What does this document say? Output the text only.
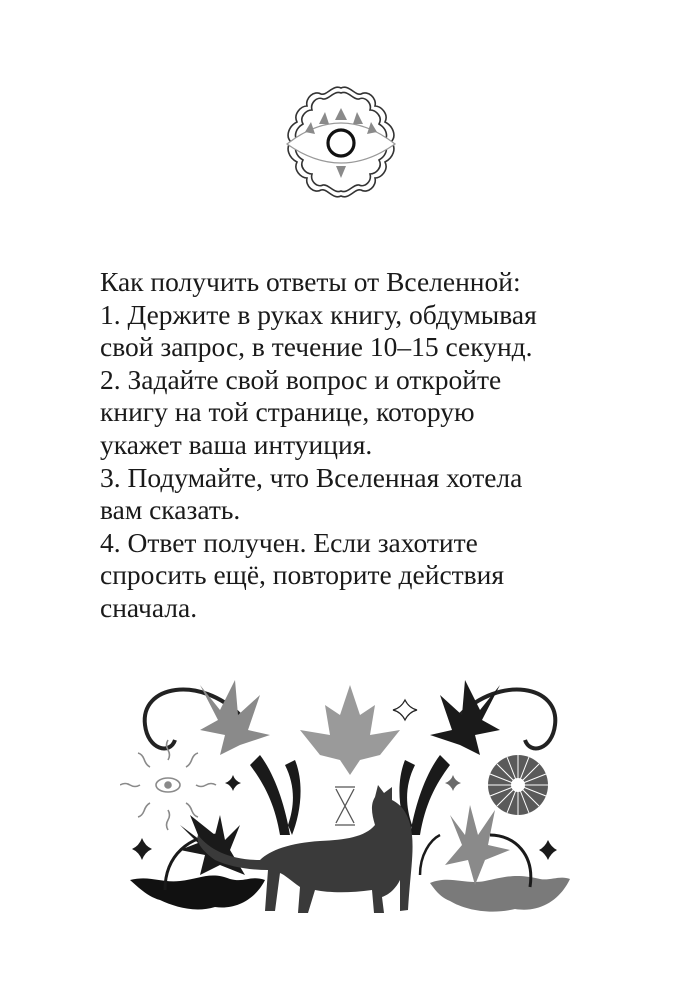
Как получить ответы от Вселенной:
1. Держите в руках книгу, обдумывая
свой запрос, в течение 10–15 секунд.
2. Задайте свой вопрос и откройте
книгу на той странице, которую
укажет ваша интуиция.
3. Подумайте, что Вселенная хотела
вам сказать.
4. Ответ получен. Если захотите
спросить ещё, повторите действия
сначала.
